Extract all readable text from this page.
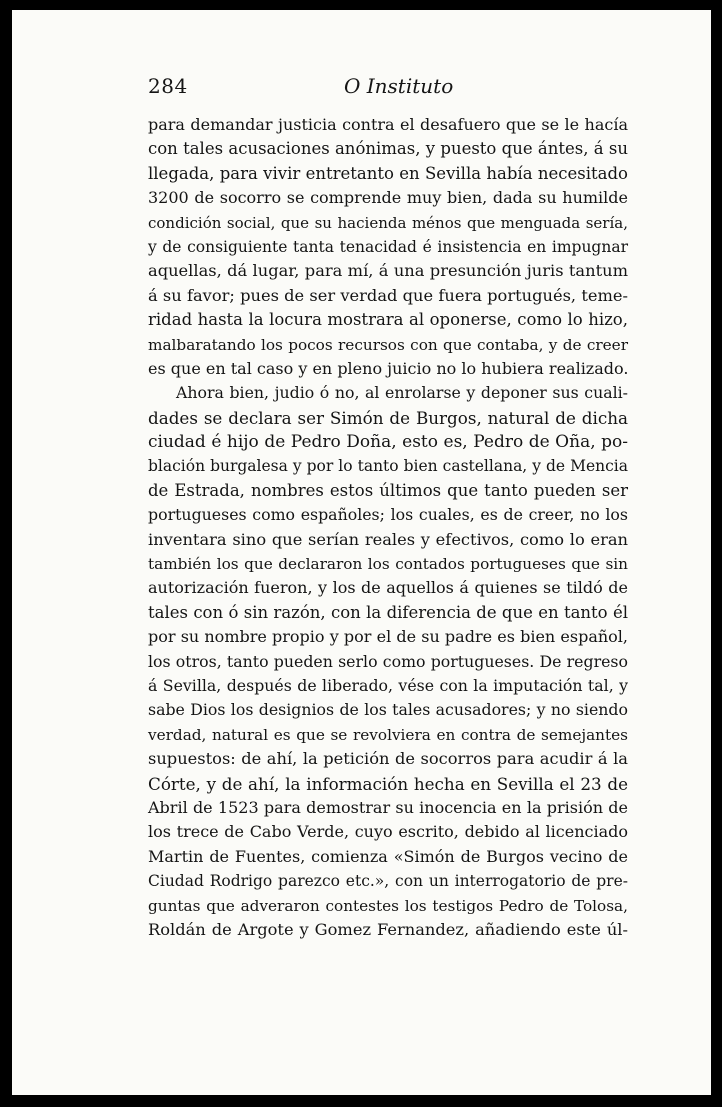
284	O Instituto
para demandar justicia contra el desafuero que se le hacía
con tales acusaciones anónimas, y puesto que ántes, á su
llegada, para vivir entretanto en Sevilla había necesitado
3200 de socorro se comprende muy bien, dada su humilde
condición social, que su hacienda ménos que menguada sería,
y de consiguiente tanta tenacidad é insistencia en impugnar
aquellas, dá lugar, para mí, á una presunción juris tantum
á su favor; pues de ser verdad que fuera portugués, teme-
ridad hasta la locura mostrara al oponerse, como lo hizo,
malbaratando los pocos recursos con que contaba, y de creer
es que en tal caso y en pleno juicio no lo hubiera realizado.
Ahora bien, judio ó no, al enrolarse y deponer sus cuali-
dades se declara ser Simón de Burgos, natural de dicha
ciudad é hijo de Pedro Doña, esto es, Pedro de Oña, po-
blación burgalesa y por lo tanto bien castellana, y de Mencia
de Estrada, nombres estos últimos que tanto pueden ser
portugueses como españoles; los cuales, es de creer, no los
inventara sino que serían reales y efectivos, como lo eran
también los que declararon los contados portugueses que sin
autorización fueron, y los de aquellos á quienes se tildó de
tales con ó sin razón, con la diferencia de que en tanto él
por su nombre propio y por el de su padre es bien español,
los otros, tanto pueden serlo como portugueses. De regreso
á Sevilla, después de liberado, vése con la imputación tal, y
sabe Dios los designios de los tales acusadores; y no siendo
verdad, natural es que se revolviera en contra de semejantes
supuestos: de ahí, la petición de socorros para acudir á la
Córte, y de ahí, la información hecha en Sevilla el 23 de
Abril de 1523 para demostrar su inocencia en la prisión de
los trece de Cabo Verde, cuyo escrito, debido al licenciado
Martin de Fuentes, comienza «Simón de Burgos vecino de
Ciudad Rodrigo parezco etc.», con un interrogatorio de pre-
guntas que adveraron contestes los testigos Pedro de Tolosa,
Roldán de Argote y Gomez Fernandez, añadiendo este úl-
